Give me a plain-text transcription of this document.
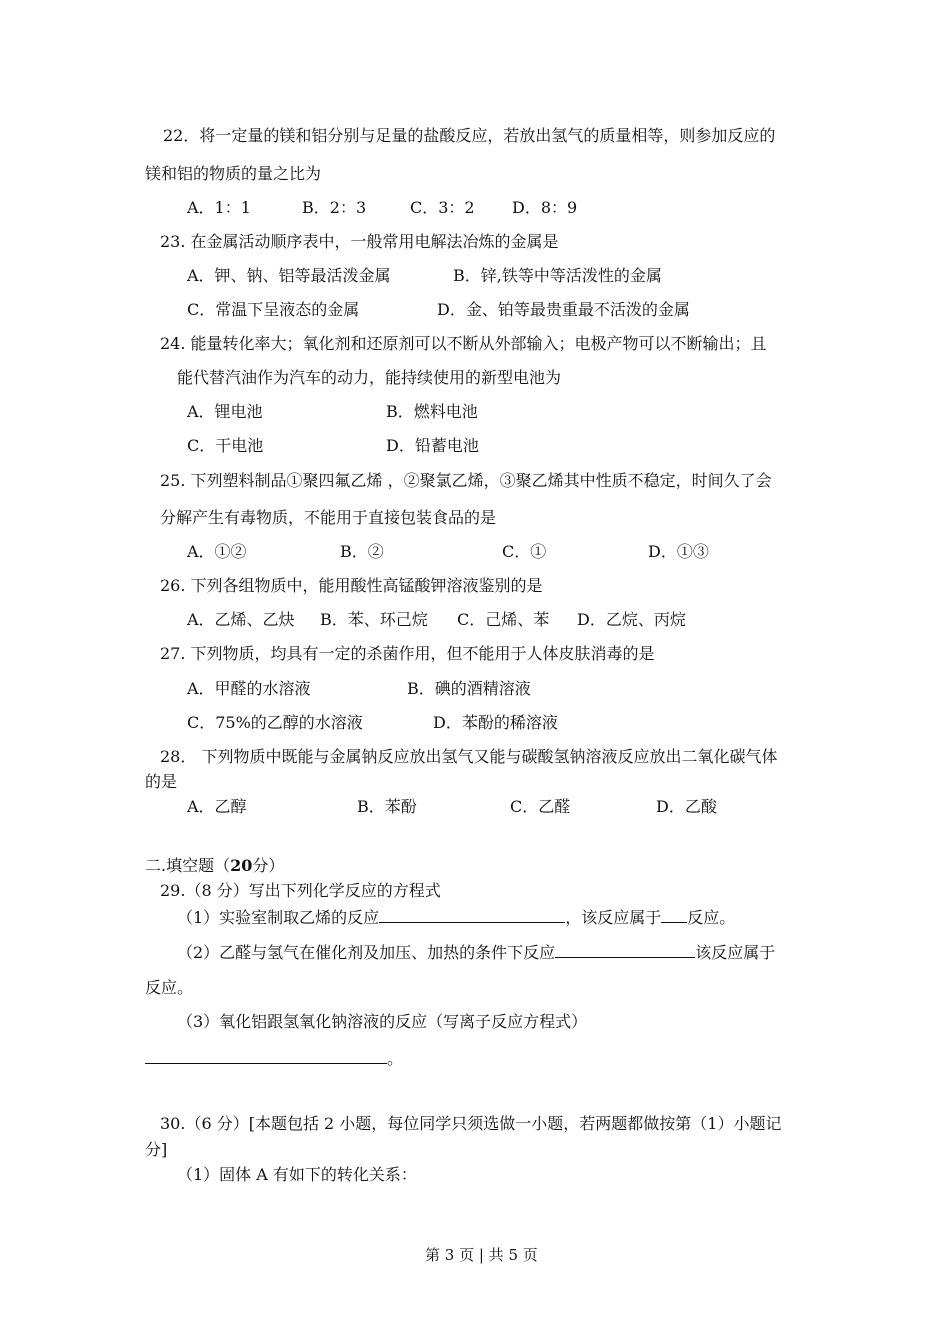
22．将一定量的镁和铝分别与足量的盐酸反应，若放出氢气的质量相等，则参加反应的
镁和铝的物质的量之比为
A．1：1	B．2：3	C．3：2 D．8：9
23. 在金属活动顺序表中，一般常用电解法冶炼的金属是
A．钾、钠、铝等最活泼金属	B．锌,铁等中等活泼性的金属
C．常温下呈液态的金属	D．金、铂等最贵重最不活泼的金属
24. 能量转化率大；氧化剂和还原剂可以不断从外部输入；电极产物可以不断输出；且
能代替汽油作为汽车的动力，能持续使用的新型电池为
A．锂电池	B．燃料电池
C．干电池	D．铅蓄电池
25. 下列塑料制品①聚四氟乙烯 ，②聚氯乙烯，③聚乙烯其中性质不稳定，时间久了会
分解产生有毒物质，不能用于直接包装食品的是
A．①②	B．②	C．①	D．①③
26. 下列各组物质中，能用酸性高锰酸钾溶液鉴别的是
A．乙烯、乙炔 B．苯、环己烷 C．己烯、苯 D．乙烷、丙烷
27. 下列物质，均具有一定的杀菌作用，但不能用于人体皮肤消毒的是
A．甲醛的水溶液	B．碘的酒精溶液
C．75%的乙醇的水溶液	D．苯酚的稀溶液
28． 下列物质中既能与金属钠反应放出氢气又能与碳酸氢钠溶液反应放出二氧化碳气体
的是
A．乙醇	B．苯酚	C．乙醛	D．乙酸
二.填空题（20分）
29.（8 分）写出下列化学反应的方程式
（1）实验室制取乙烯的反应	，该反应属于 反应。
（2）乙醛与氢气在催化剂及加压、加热的条件下反应	该反应属于
反应。
（3）氧化铝跟氢氧化钠溶液的反应（写离子反应方程式）
。
30.（6 分）[本题包括 2 小题，每位同学只须选做一小题，若两题都做按第（1）小题记
分]
（1）固体 A 有如下的转化关系：
第 3 页 | 共 5 页
